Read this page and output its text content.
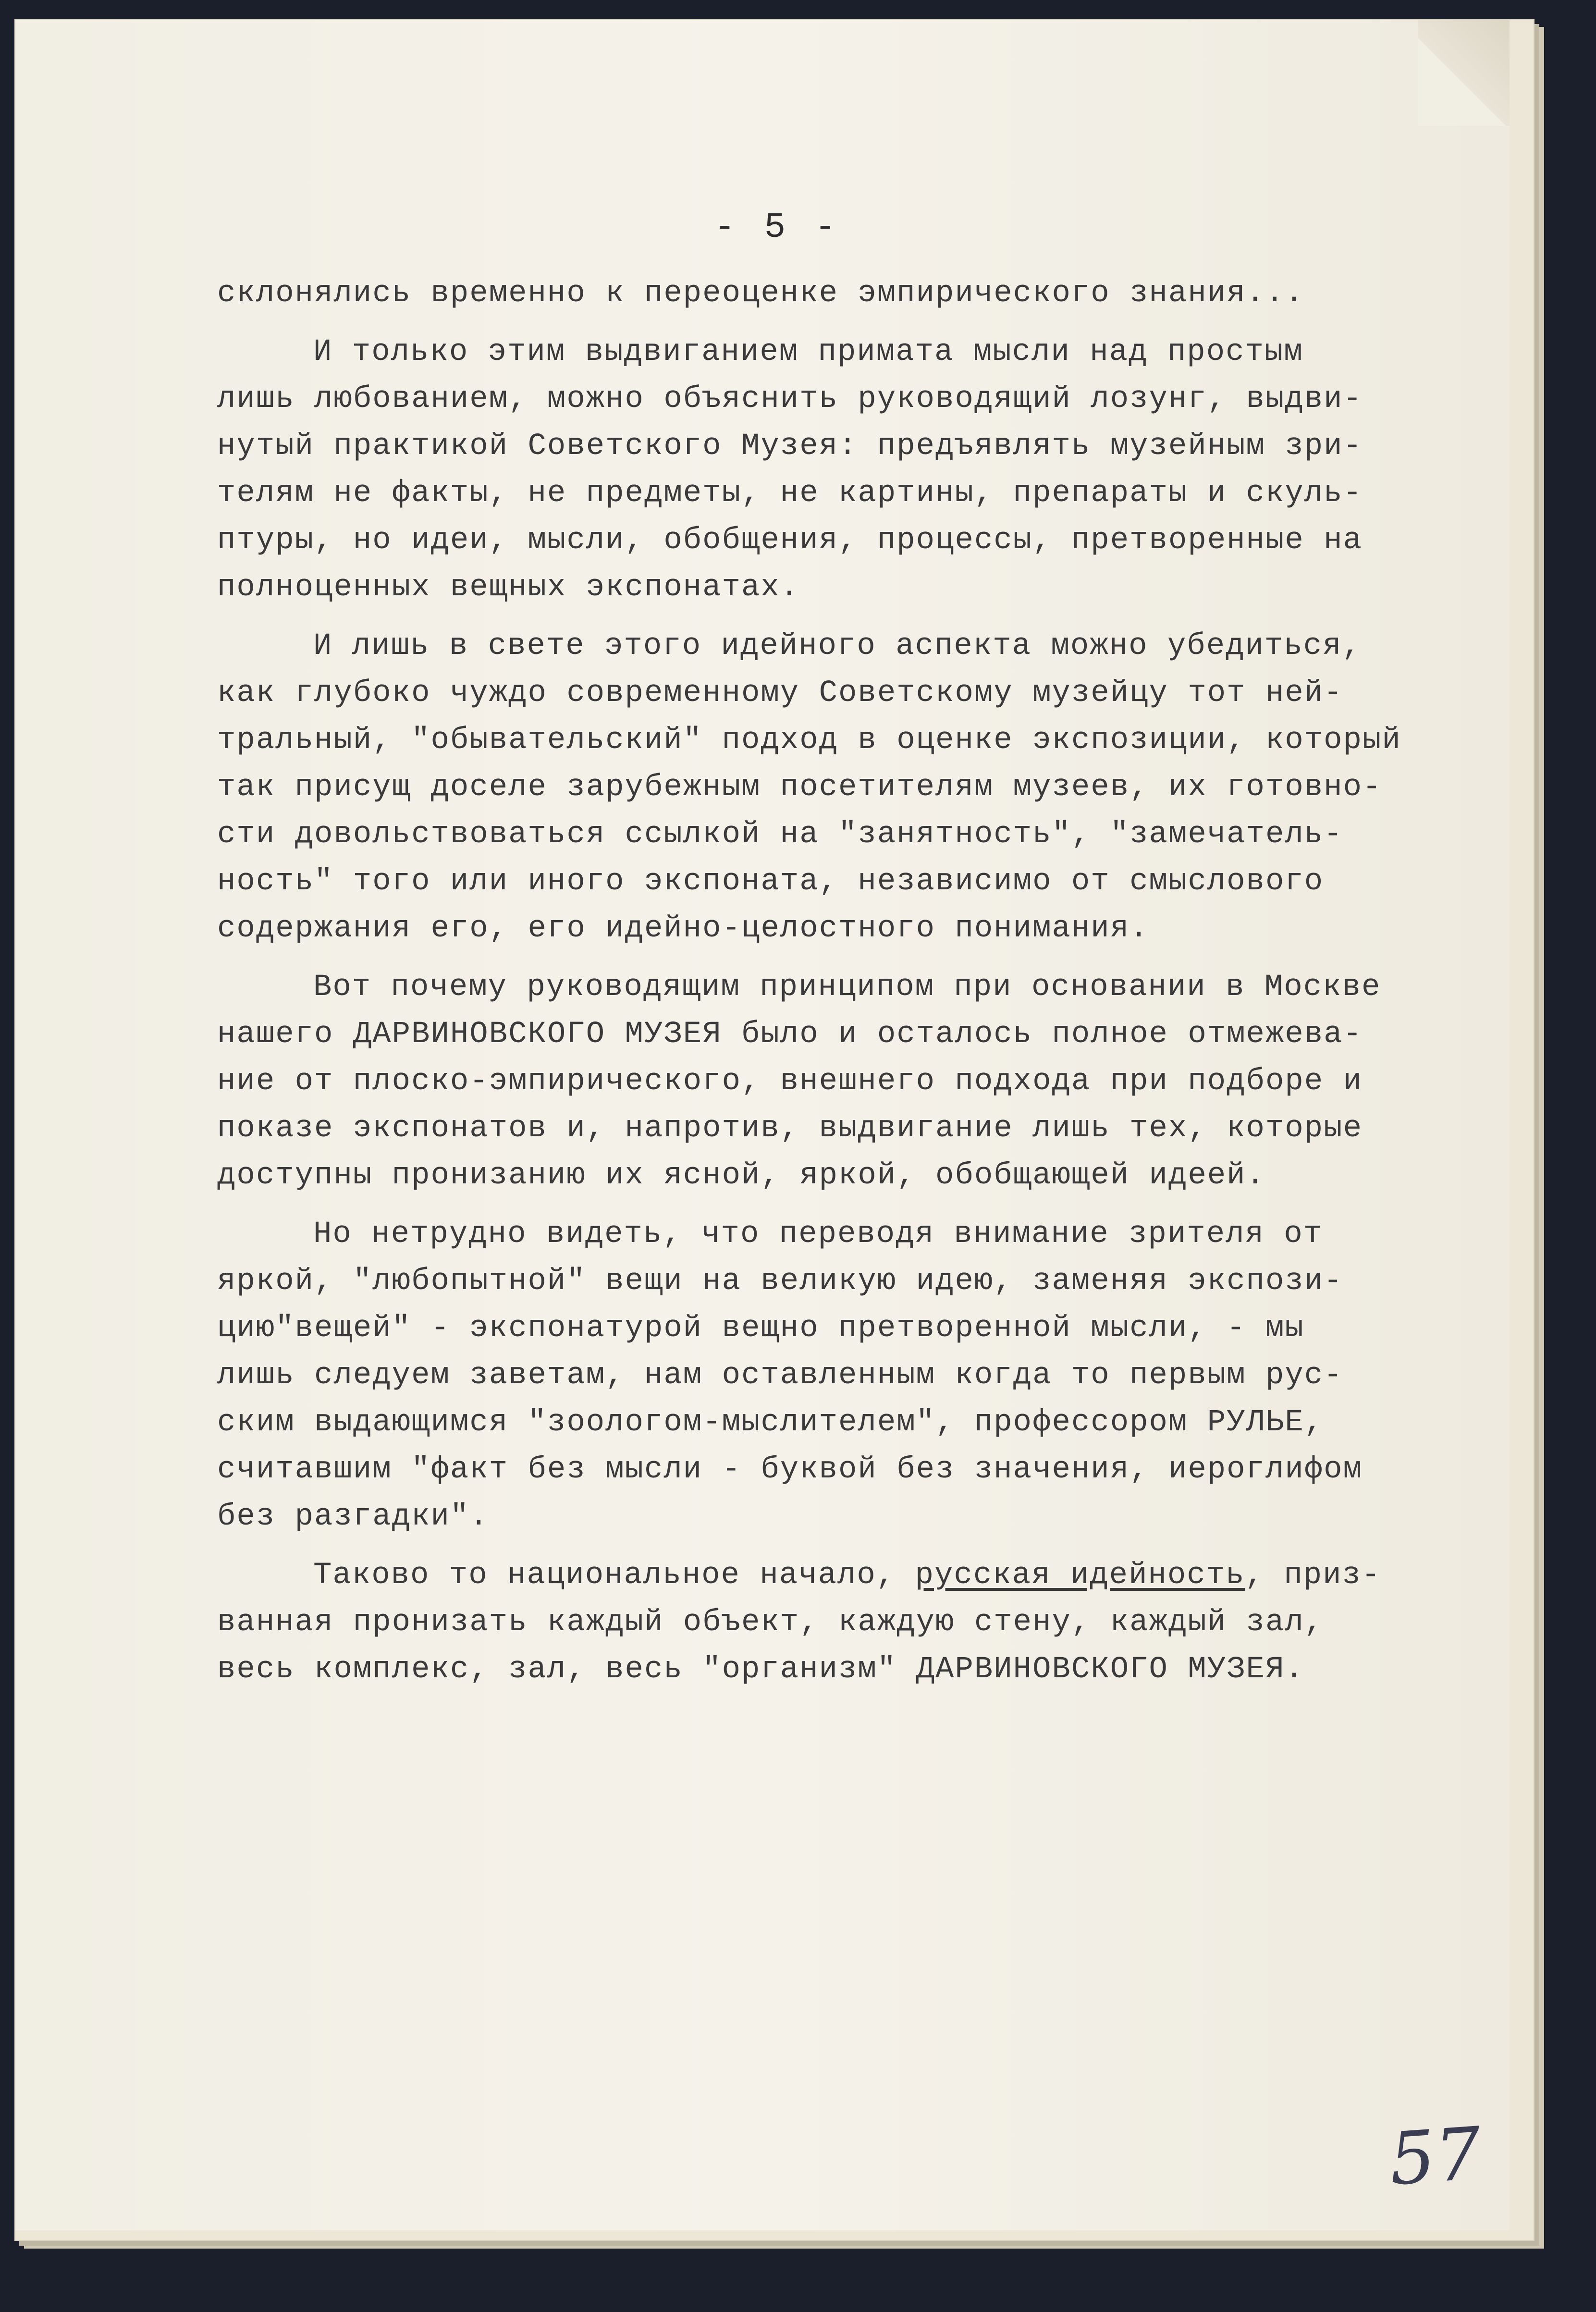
- 5 -

склонялись временно к переоценке эмпирического знания...

И только этим выдвиганием примата мысли над простым
лишь любованием, можно объяснить руководящий лозунг, выдви-
нутый практикой Советского Музея: предъявлять музейным зри-
телям не факты, не предметы, не картины, препараты и скуль-
птуры, но идеи, мысли, обобщения, процессы, претворенные на
полноценных вещных экспонатах.

И лишь в свете этого идейного аспекта можно убедиться,
как глубоко чуждо современному Советскому музейцу тот ней-
тральный, "обывательский" подход в оценке экспозиции, который
так присущ доселе зарубежным посетителям музеев, их готовно-
сти довольствоваться ссылкой на "занятность", "замечатель-
ность" того или иного экспоната, независимо от смыслового
содержания его, его идейно-целостного понимания.

Вот почему руководящим принципом при основании в Москве
нашего ДАРВИНОВСКОГО МУЗЕЯ было и осталось полное отмежева-
ние от плоско-эмпирического, внешнего подхода при подборе и
показе экспонатов и, напротив, выдвигание лишь тех, которые
доступны пронизанию их ясной, яркой, обобщающей идеей.

Но нетрудно видеть, что переводя внимание зрителя от
яркой, "любопытной" вещи на великую идею, заменяя экспози-
цию"вещей" - экспонатурой вещно претворенной мысли, - мы
лишь следуем заветам, нам оставленным когда то первым рус-
ским выдающимся "зоологом-мыслителем", профессором РУЛЬЕ,
считавшим "факт без мысли - буквой без значения, иероглифом
без разгадки".

Таково то национальное начало, русская идейность, приз-
ванная пронизать каждый объект, каждую стену, каждый зал,
весь комплекс, зал, весь "организм" ДАРВИНОВСКОГО МУЗЕЯ.

57
